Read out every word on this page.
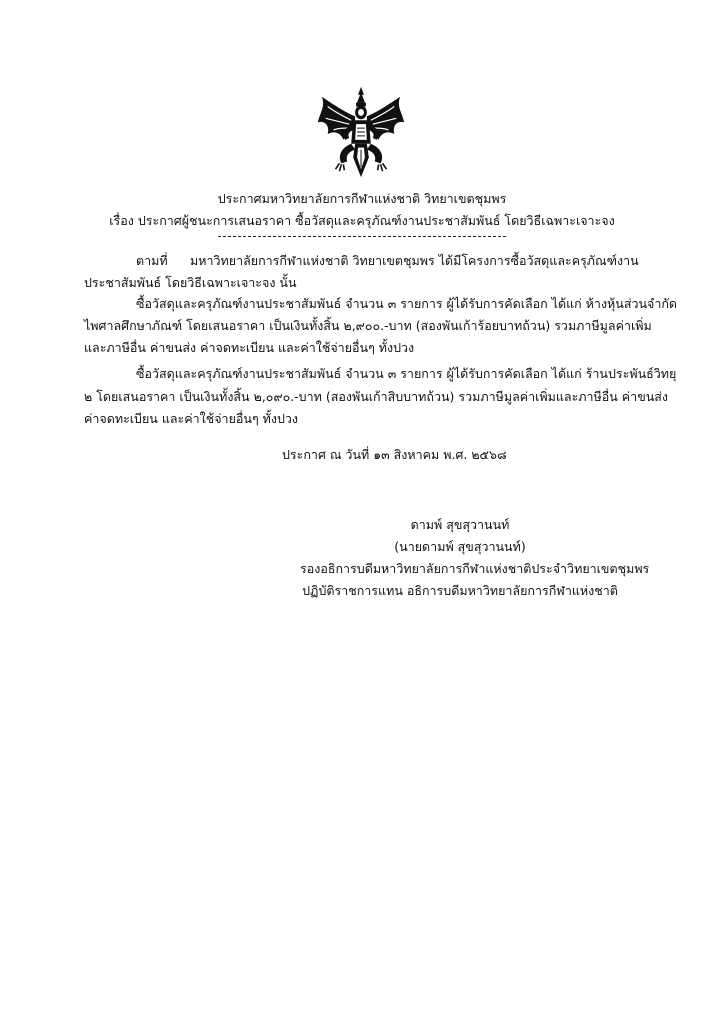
ประกาศมหาวิทยาลัยการกีฬาแห่งชาติ วิทยาเขตชุมพร
เรื่อง ประกาศผู้ชนะการเสนอราคา ซื้อวัสดุและครุภัณฑ์งานประชาสัมพันธ์ โดยวิธีเฉพาะเจาะจง
ตามที่ มหาวิทยาลัยการกีฬาแห่งชาติ วิทยาเขตชุมพร ได้มีโครงการซื้อวัสดุและครุภัณฑ์งาน
ประชาสัมพันธ์ โดยวิธีเฉพาะเจาะจง นั้น
ซื้อวัสดุและครุภัณฑ์งานประชาสัมพันธ์ จำนวน ๓ รายการ ผู้ได้รับการคัดเลือก ได้แก่ ห้างหุ้นส่วนจำกัด
ไพศาลศึกษาภัณฑ์ โดยเสนอราคา เป็นเงินทั้งสิ้น ๒,๙๐๐.-บาท (สองพันเก้าร้อยบาทถ้วน) รวมภาษีมูลค่าเพิ่ม
และภาษีอื่น ค่าขนส่ง ค่าจดทะเบียน และค่าใช้จ่ายอื่นๆ ทั้งปวง
ซื้อวัสดุและครุภัณฑ์งานประชาสัมพันธ์ จำนวน ๓ รายการ ผู้ได้รับการคัดเลือก ได้แก่ ร้านประพันธ์วิทยุ
๒ โดยเสนอราคา เป็นเงินทั้งสิ้น ๒,๐๙๐.-บาท (สองพันเก้าสิบบาทถ้วน) รวมภาษีมูลค่าเพิ่มและภาษีอื่น ค่าขนส่ง
ค่าจดทะเบียน และค่าใช้จ่ายอื่นๆ ทั้งปวง
ประกาศ ณ วันที่ ๑๓ สิงหาคม พ.ศ. ๒๕๖๘
ดามพ์ สุขสุวานนท์
(นายดามพ์ สุขสุวานนท์)
รองอธิการบดีมหาวิทยาลัยการกีฬาแห่งชาติประจำวิทยาเขตชุมพร
ปฏิบัติราชการแทน อธิการบดีมหาวิทยาลัยการกีฬาแห่งชาติ
